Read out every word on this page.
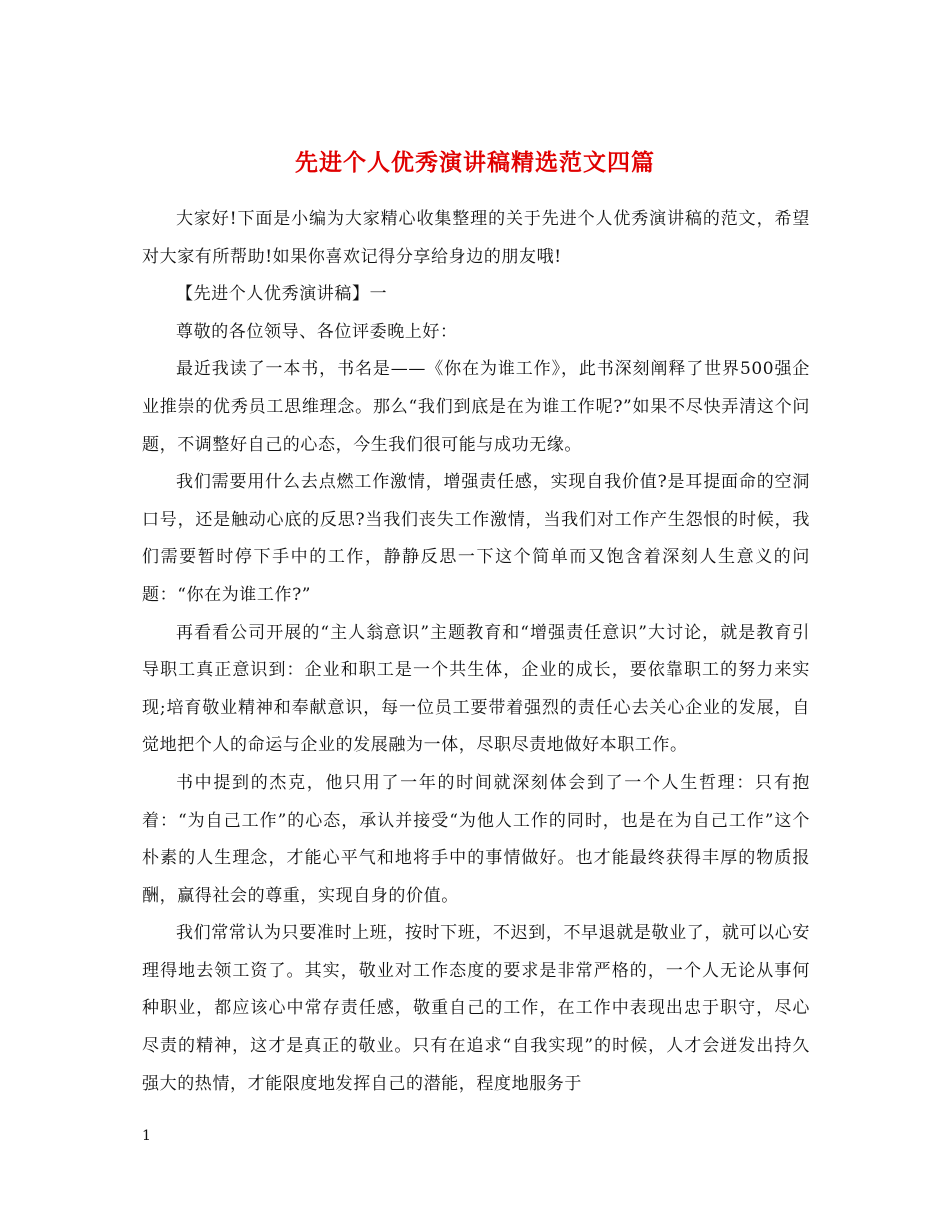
先进个人优秀演讲稿精选范文四篇

大家好!下面是小编为大家精心收集整理的关于先进个人优秀演讲稿的范文，希望对大家有所帮助!如果你喜欢记得分享给身边的朋友哦!

【先进个人优秀演讲稿】一

尊敬的各位领导、各位评委晚上好：

最近我读了一本书，书名是——《你在为谁工作》，此书深刻阐释了世界500强企业推崇的优秀员工思维理念。那么“我们到底是在为谁工作呢?”如果不尽快弄清这个问题，不调整好自己的心态，今生我们很可能与成功无缘。

我们需要用什么去点燃工作激情，增强责任感，实现自我价值?是耳提面命的空洞口号，还是触动心底的反思?当我们丧失工作激情，当我们对工作产生怨恨的时候，我们需要暂时停下手中的工作，静静反思一下这个简单而又饱含着深刻人生意义的问题：“你在为谁工作?”

再看看公司开展的“主人翁意识”主题教育和“增强责任意识”大讨论，就是教育引导职工真正意识到：企业和职工是一个共生体，企业的成长，要依靠职工的努力来实现;培育敬业精神和奉献意识，每一位员工要带着强烈的责任心去关心企业的发展，自觉地把个人的命运与企业的发展融为一体，尽职尽责地做好本职工作。

书中提到的杰克，他只用了一年的时间就深刻体会到了一个人生哲理：只有抱着：“为自己工作”的心态，承认并接受“为他人工作的同时，也是在为自己工作”这个朴素的人生理念，才能心平气和地将手中的事情做好。也才能最终获得丰厚的物质报酬，赢得社会的尊重，实现自身的价值。

我们常常认为只要准时上班，按时下班，不迟到，不早退就是敬业了，就可以心安理得地去领工资了。其实，敬业对工作态度的要求是非常严格的，一个人无论从事何种职业，都应该心中常存责任感，敬重自己的工作，在工作中表现出忠于职守，尽心尽责的精神，这才是真正的敬业。只有在追求“自我实现”的时候，人才会迸发出持久强大的热情，才能限度地发挥自己的潜能，程度地服务于

1
